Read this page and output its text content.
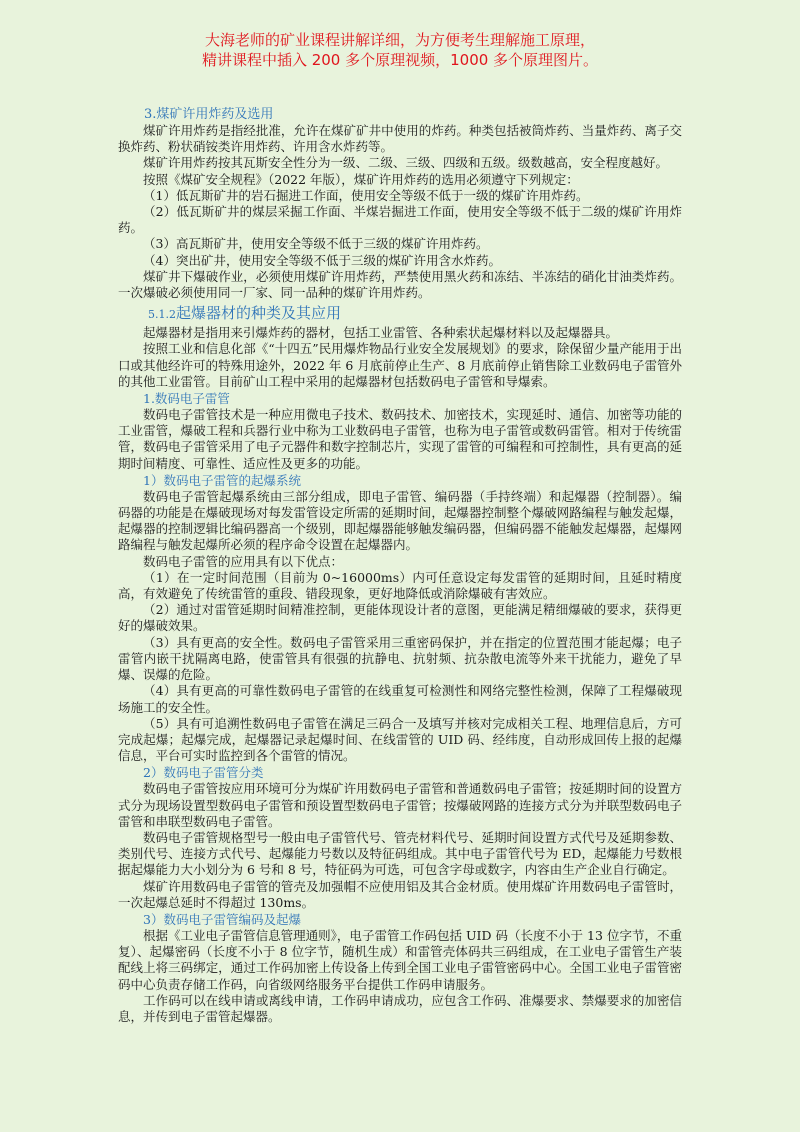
大海老师的矿业课程讲解详细，为方便考生理解施工原理，
精讲课程中插入 200 多个原理视频，1000 多个原理图片。
3.煤矿许用炸药及选用

煤矿许用炸药是指经批准，允许在煤矿矿井中使用的炸药。种类包括被筒炸药、当量炸药、离子交换炸药、粉状硝铵类许用炸药、许用含水炸药等。

煤矿许用炸药按其瓦斯安全性分为一级、二级、三级、四级和五级。级数越高，安全程度越好。

按照《煤矿安全规程》（2022 年版），煤矿许用炸药的选用必须遵守下列规定：

（1）低瓦斯矿井的岩石掘进工作面，使用安全等级不低于一级的煤矿许用炸药。

（2）低瓦斯矿井的煤层采掘工作面、半煤岩掘进工作面，使用安全等级不低于二级的煤矿许用炸药。

（3）高瓦斯矿井，使用安全等级不低于三级的煤矿许用炸药。

（4）突出矿井，使用安全等级不低于三级的煤矿许用含水炸药。

煤矿井下爆破作业，必须使用煤矿许用炸药，严禁使用黑火药和冻结、半冻结的硝化甘油类炸药。一次爆破必须使用同一厂家、同一品种的煤矿许用炸药。

5.1.2起爆器材的种类及其应用

起爆器材是指用来引爆炸药的器材，包括工业雷管、各种索状起爆材料以及起爆器具。

按照工业和信息化部《“十四五”民用爆炸物品行业安全发展规划》的要求，除保留少量产能用于出口或其他经许可的特殊用途外，2022 年 6 月底前停止生产、8 月底前停止销售除工业数码电子雷管外的其他工业雷管。目前矿山工程中采用的起爆器材包括数码电子雷管和导爆索。

1.数码电子雷管

数码电子雷管技术是一种应用微电子技术、数码技术、加密技术，实现延时、通信、加密等功能的工业雷管，爆破工程和兵器行业中称为工业数码电子雷管，也称为电子雷管或数码雷管。相对于传统雷管，数码电子雷管采用了电子元器件和数字控制芯片，实现了雷管的可编程和可控制性，具有更高的延期时间精度、可靠性、适应性及更多的功能。

1）数码电子雷管的起爆系统

数码电子雷管起爆系统由三部分组成，即电子雷管、编码器（手持终端）和起爆器（控制器）。编码器的功能是在爆破现场对每发雷管设定所需的延期时间，起爆器控制整个爆破网路编程与触发起爆，起爆器的控制逻辑比编码器高一个级别，即起爆器能够触发编码器，但编码器不能触发起爆器，起爆网路编程与触发起爆所必须的程序命令设置在起爆器内。

数码电子雷管的应用具有以下优点：

（1）在一定时间范围（目前为 0~16000ms）内可任意设定每发雷管的延期时间，且延时精度高，有效避免了传统雷管的重段、错段现象，更好地降低或消除爆破有害效应。

（2）通过对雷管延期时间精准控制，更能体现设计者的意图，更能满足精细爆破的要求，获得更好的爆破效果。

（3）具有更高的安全性。数码电子雷管采用三重密码保护，并在指定的位置范围才能起爆；电子雷管内嵌干扰隔离电路，使雷管具有很强的抗静电、抗射频、抗杂散电流等外来干扰能力，避免了早爆、误爆的危险。

（4）具有更高的可靠性数码电子雷管的在线重复可检测性和网络完整性检测，保障了工程爆破现场施工的安全性。

（5）具有可追溯性数码电子雷管在满足三码合一及填写并核对完成相关工程、地理信息后，方可完成起爆；起爆完成，起爆器记录起爆时间、在线雷管的 UID 码、经纬度，自动形成回传上报的起爆信息，平台可实时监控到各个雷管的情况。

2）数码电子雷管分类

数码电子雷管按应用环境可分为煤矿许用数码电子雷管和普通数码电子雷管；按延期时间的设置方式分为现场设置型数码电子雷管和预设置型数码电子雷管；按爆破网路的连接方式分为并联型数码电子雷管和串联型数码电子雷管。

数码电子雷管规格型号一般由电子雷管代号、管壳材料代号、延期时间设置方式代号及延期参数、类别代号、连接方式代号、起爆能力号数以及特征码组成。其中电子雷管代号为 ED，起爆能力号数根据起爆能力大小划分为 6 号和 8 号，特征码为可选，可包含字母或数字，内容由生产企业自行确定。

煤矿许用数码电子雷管的管壳及加强帽不应使用铝及其合金材质。使用煤矿许用数码电子雷管时，一次起爆总延时不得超过 130ms。

3）数码电子雷管编码及起爆

根据《工业电子雷管信息管理通则》，电子雷管工作码包括 UID 码（长度不小于 13 位字节，不重复）、起爆密码（长度不小于 8 位字节，随机生成）和雷管壳体码共三码组成，在工业电子雷管生产装配线上将三码绑定，通过工作码加密上传设备上传到全国工业电子雷管密码中心。全国工业电子雷管密码中心负责存储工作码，向省级网络服务平台提供工作码申请服务。

工作码可以在线申请或离线申请，工作码申请成功，应包含工作码、准爆要求、禁爆要求的加密信息，并传到电子雷管起爆器。
